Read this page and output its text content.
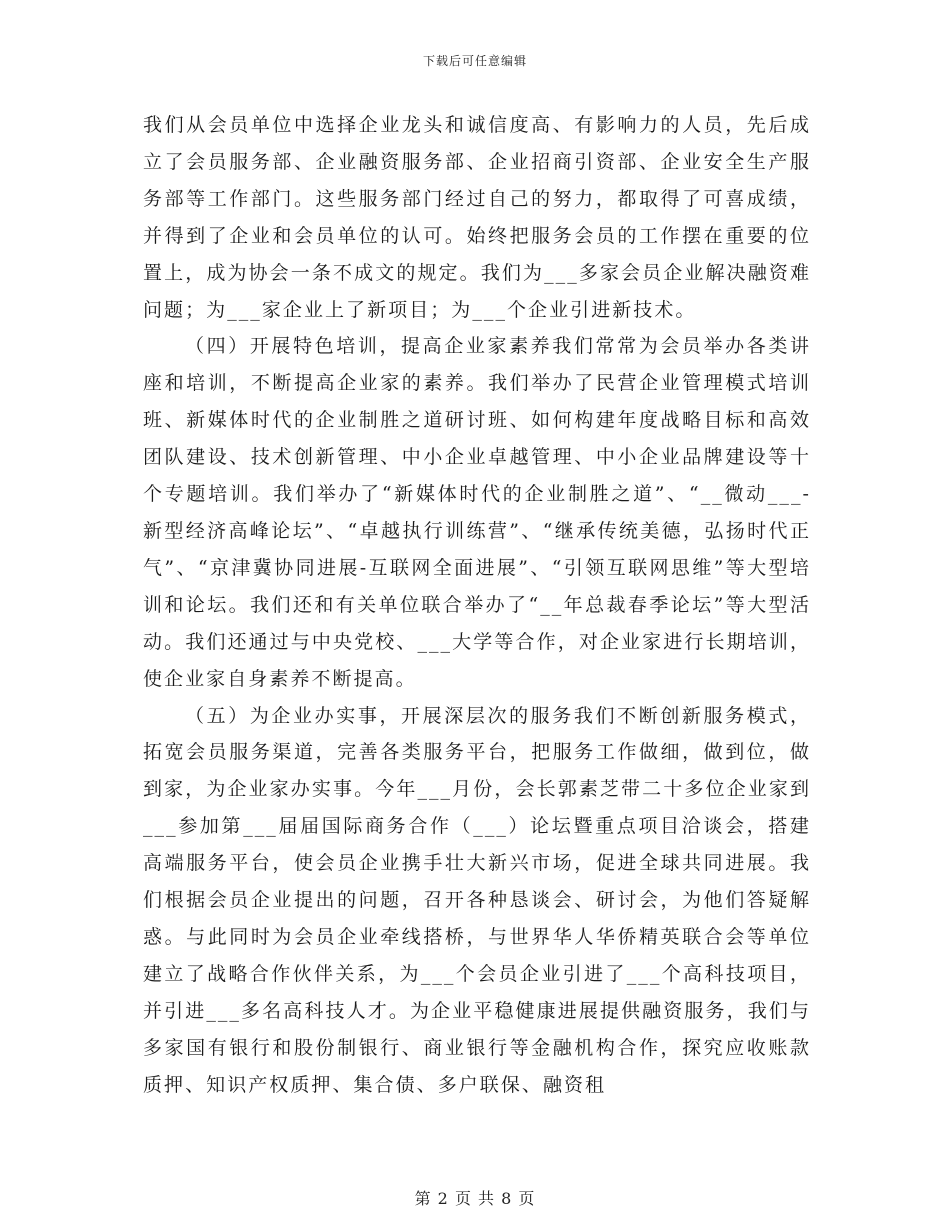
下载后可任意编辑

我们从会员单位中选择企业龙头和诚信度高、有影响力的人员，先后成立了会员服务部、企业融资服务部、企业招商引资部、企业安全生产服务部等工作部门。这些服务部门经过自己的努力，都取得了可喜成绩，并得到了企业和会员单位的认可。始终把服务会员的工作摆在重要的位置上，成为协会一条不成文的规定。我们为___多家会员企业解决融资难问题；为___家企业上了新项目；为___个企业引进新技术。

（四）开展特色培训，提高企业家素养我们常常为会员举办各类讲座和培训，不断提高企业家的素养。我们举办了民营企业管理模式培训班、新媒体时代的企业制胜之道研讨班、如何构建年度战略目标和高效团队建设、技术创新管理、中小企业卓越管理、中小企业品牌建设等十个专题培训。我们举办了“新媒体时代的企业制胜之道”、“__微动___-新型经济高峰论坛”、“卓越执行训练营”、“继承传统美德，弘扬时代正气”、“京津冀协同进展-互联网全面进展”、“引领互联网思维”等大型培训和论坛。我们还和有关单位联合举办了“__年总裁春季论坛”等大型活动。我们还通过与中央党校、___大学等合作，对企业家进行长期培训，使企业家自身素养不断提高。

（五）为企业办实事，开展深层次的服务我们不断创新服务模式，拓宽会员服务渠道，完善各类服务平台，把服务工作做细，做到位，做到家，为企业家办实事。今年___月份，会长郭素芝带二十多位企业家到___参加第___届届国际商务合作（___）论坛暨重点项目洽谈会，搭建高端服务平台，使会员企业携手壮大新兴市场，促进全球共同进展。我们根据会员企业提出的问题，召开各种恳谈会、研讨会，为他们答疑解惑。与此同时为会员企业牵线搭桥，与世界华人华侨精英联合会等单位建立了战略合作伙伴关系，为___个会员企业引进了___个高科技项目，并引进___多名高科技人才。为企业平稳健康进展提供融资服务，我们与多家国有银行和股份制银行、商业银行等金融机构合作，探究应收账款质押、知识产权质押、集合债、多户联保、融资租

第 2 页 共 8 页
